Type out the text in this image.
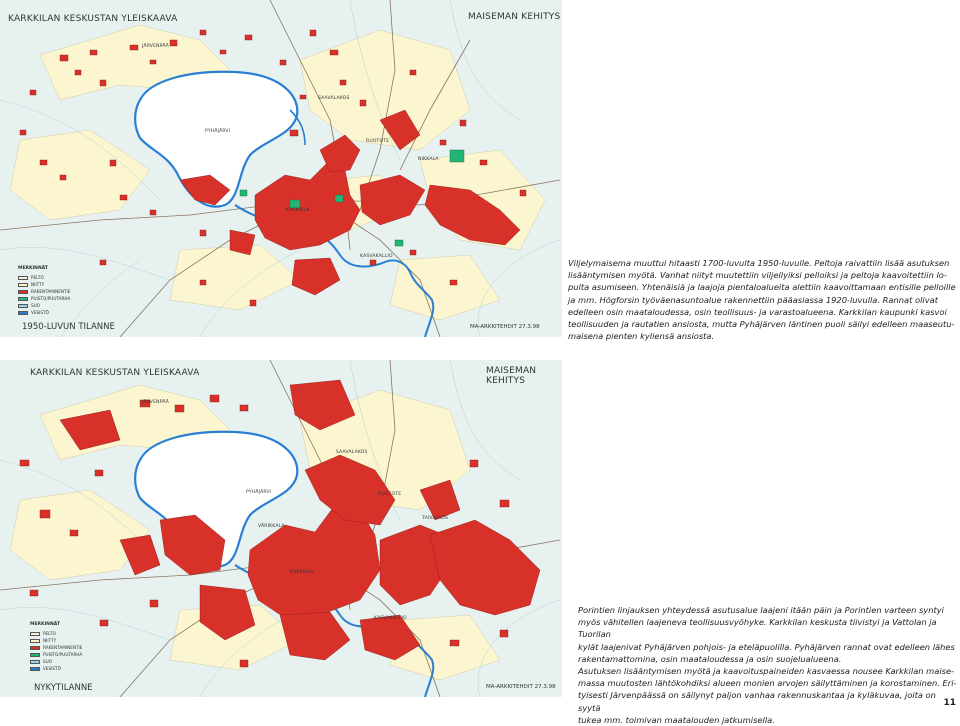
KARKKILAN KESKUSTAN YLEISKAAVA	MAISEMAN KEHITYS
JÄRVENPÄÄ
PYHÄJÄRVI
SAAVALAKOS
RUOTOTE
NIKKALA
KARKKILA
KASVAKALLIO
MERKINNÄT
PELTO
NIITTY
RAKENTAMINENTIE
PUISTO/PUUTARHA
SUO
VESISTÖ
1950-LUVUN TILANNE	MA-ARKKITEHDIT 27.3.98

Viljelymaisema muuttui hitaasti 1700-luvulta 1950-luvulle. Peltoja raivattiin lisää asutuksen

lisääntymisen myötä. Vanhat niityt muutettiin viljellyiksi pelloiksi ja peltoja kaavoitettiin lo-

pulta asumiseen. Yhtenäisiä ja laajoja pientaloalueita alettiin kaavoittamaan entisille pelloille

ja mm. Högforsin työväenasuntoalue rakennettiin pääasiassa 1920-luvulla. Rannat olivat

edelleen osin maataloudessa, osin teollisuus- ja varastoalueena. Karkkilan kaupunki kasvoi

teollisuuden ja rautatien ansiosta, mutta Pyhäjärven läntinen puoli säilyi edelleen maaseutu-

maisena pienten kyliensä ansiosta.

KARKKILAN KESKUSTAN YLEISKAAVA	MAISEMAN KEHITYS
JÄRVENPÄÄ
SAAVALAKOS
PYHÄJÄRVI	RUOTOTE
TAIVALKOS
VÄRIKKALA
KARKKILA
KASVAKALLIO
MERKINNÄT
PELTO
NIITTY
RAKENTAMINENTIE
PUISTO/PUUTARHA
SUO
VESISTÖ
NYKYTILANNE	MA-ARKKITEHDIT 27.3.98

Porintien linjauksen yhteydessä asutusalue laajeni itään päin ja Porintien varteen syntyi

myös vähitellen laajeneva teollisuusvyöhyke. Karkkilan keskusta tiivistyi ja Vattolan ja Tuorilan

kylät laajenivat Pyhäjärven pohjois- ja eteläpuolilla. Pyhäjärven rannat ovat edelleen lähes

rakentamattomina, osin maataloudessa ja osin suojelualueena.

Asutuksen lisääntymisen myötä ja kaavoituspaineiden kasvaessa nousee Karkkilan maise-

massa muutosten lähtökohdiksi alueen monien arvojen säilyttäminen ja korostaminen. Eri-

tyisesti Järvenpäässä on säilynyt paljon vanhaa rakennuskantaa ja kyläkuvaa, joita on syytä

tukea mm. toimivan maatalouden jatkumisella.

11
